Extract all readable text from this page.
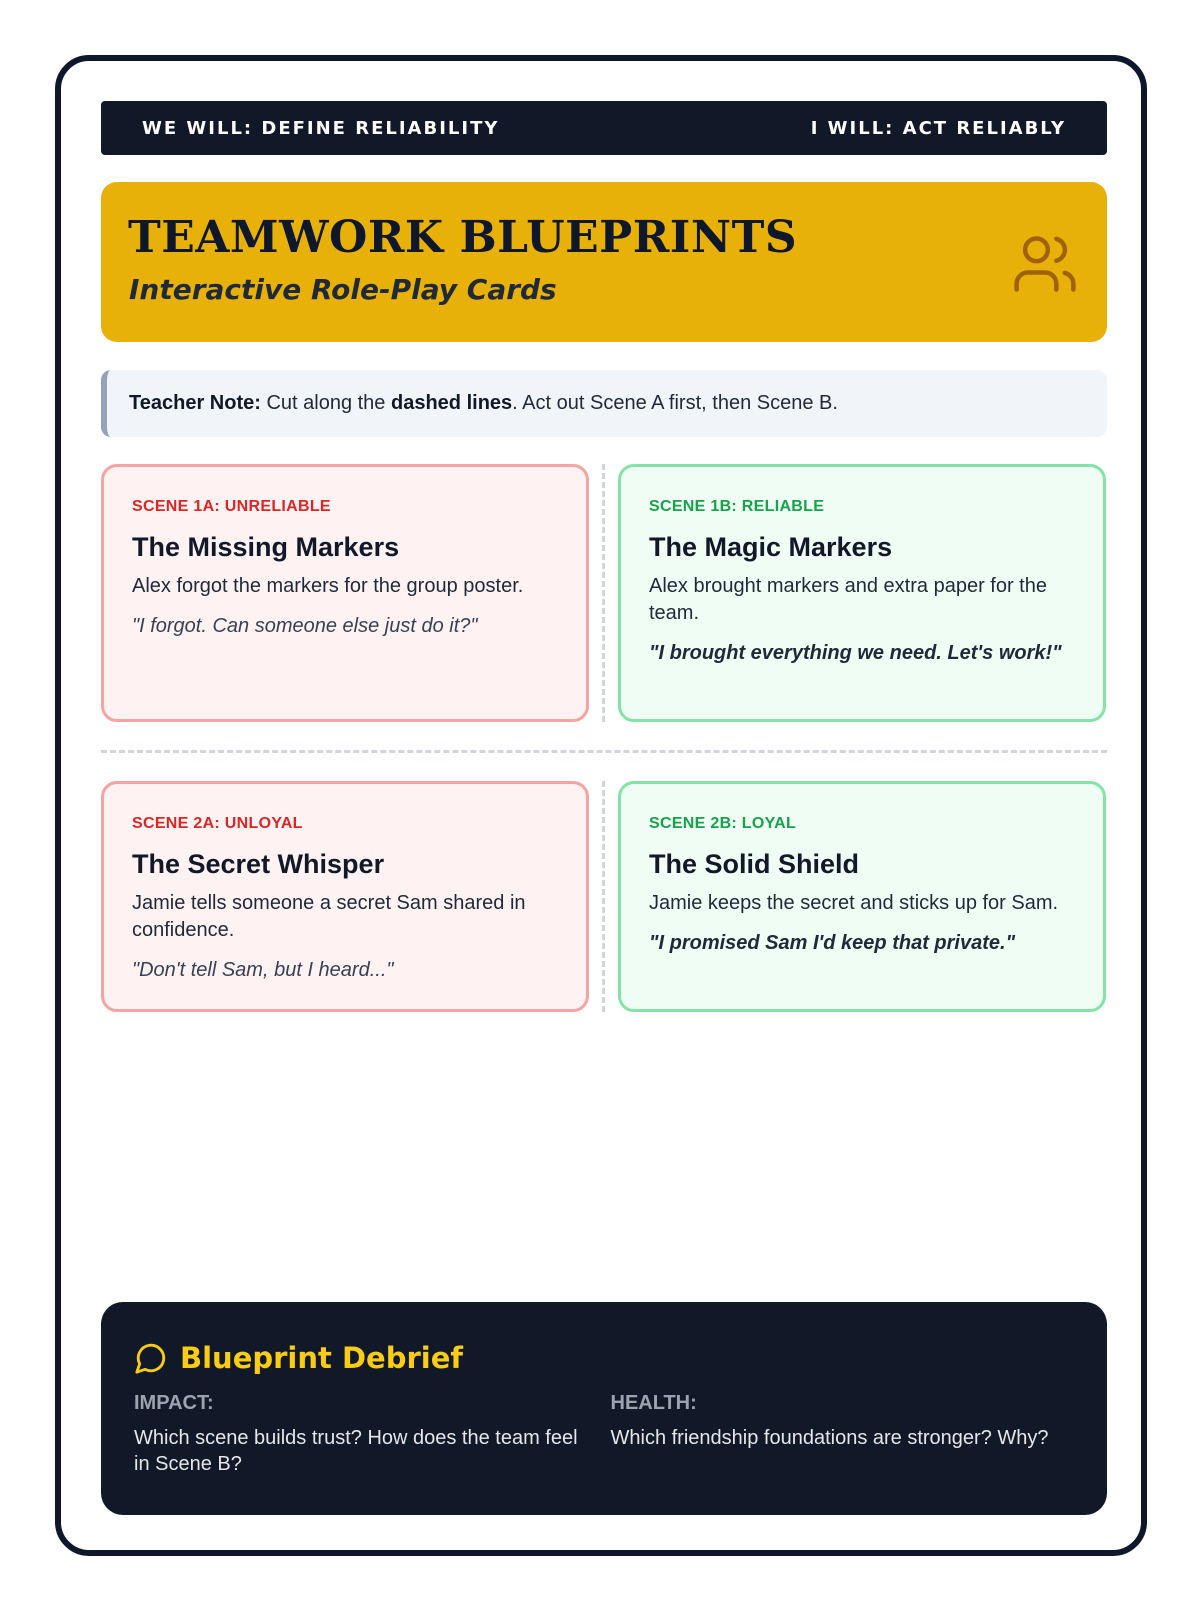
WE WILL: DEFINE RELIABILITY	I WILL: ACT RELIABLY
TEAMWORK BLUEPRINTS
Interactive Role-Play Cards
Teacher Note: Cut along the dashed lines. Act out Scene A first, then Scene B.
SCENE 1A: UNRELIABLE
The Missing Markers
Alex forgot the markers for the group poster.
"I forgot. Can someone else just do it?"
SCENE 1B: RELIABLE
The Magic Markers
Alex brought markers and extra paper for the team.
"I brought everything we need. Let's work!"
SCENE 2A: UNLOYAL
The Secret Whisper
Jamie tells someone a secret Sam shared in confidence.
"Don't tell Sam, but I heard..."
SCENE 2B: LOYAL
The Solid Shield
Jamie keeps the secret and sticks up for Sam.
"I promised Sam I'd keep that private."
Blueprint Debrief
IMPACT:
Which scene builds trust? How does the team feel in Scene B?
HEALTH:
Which friendship foundations are stronger? Why?
